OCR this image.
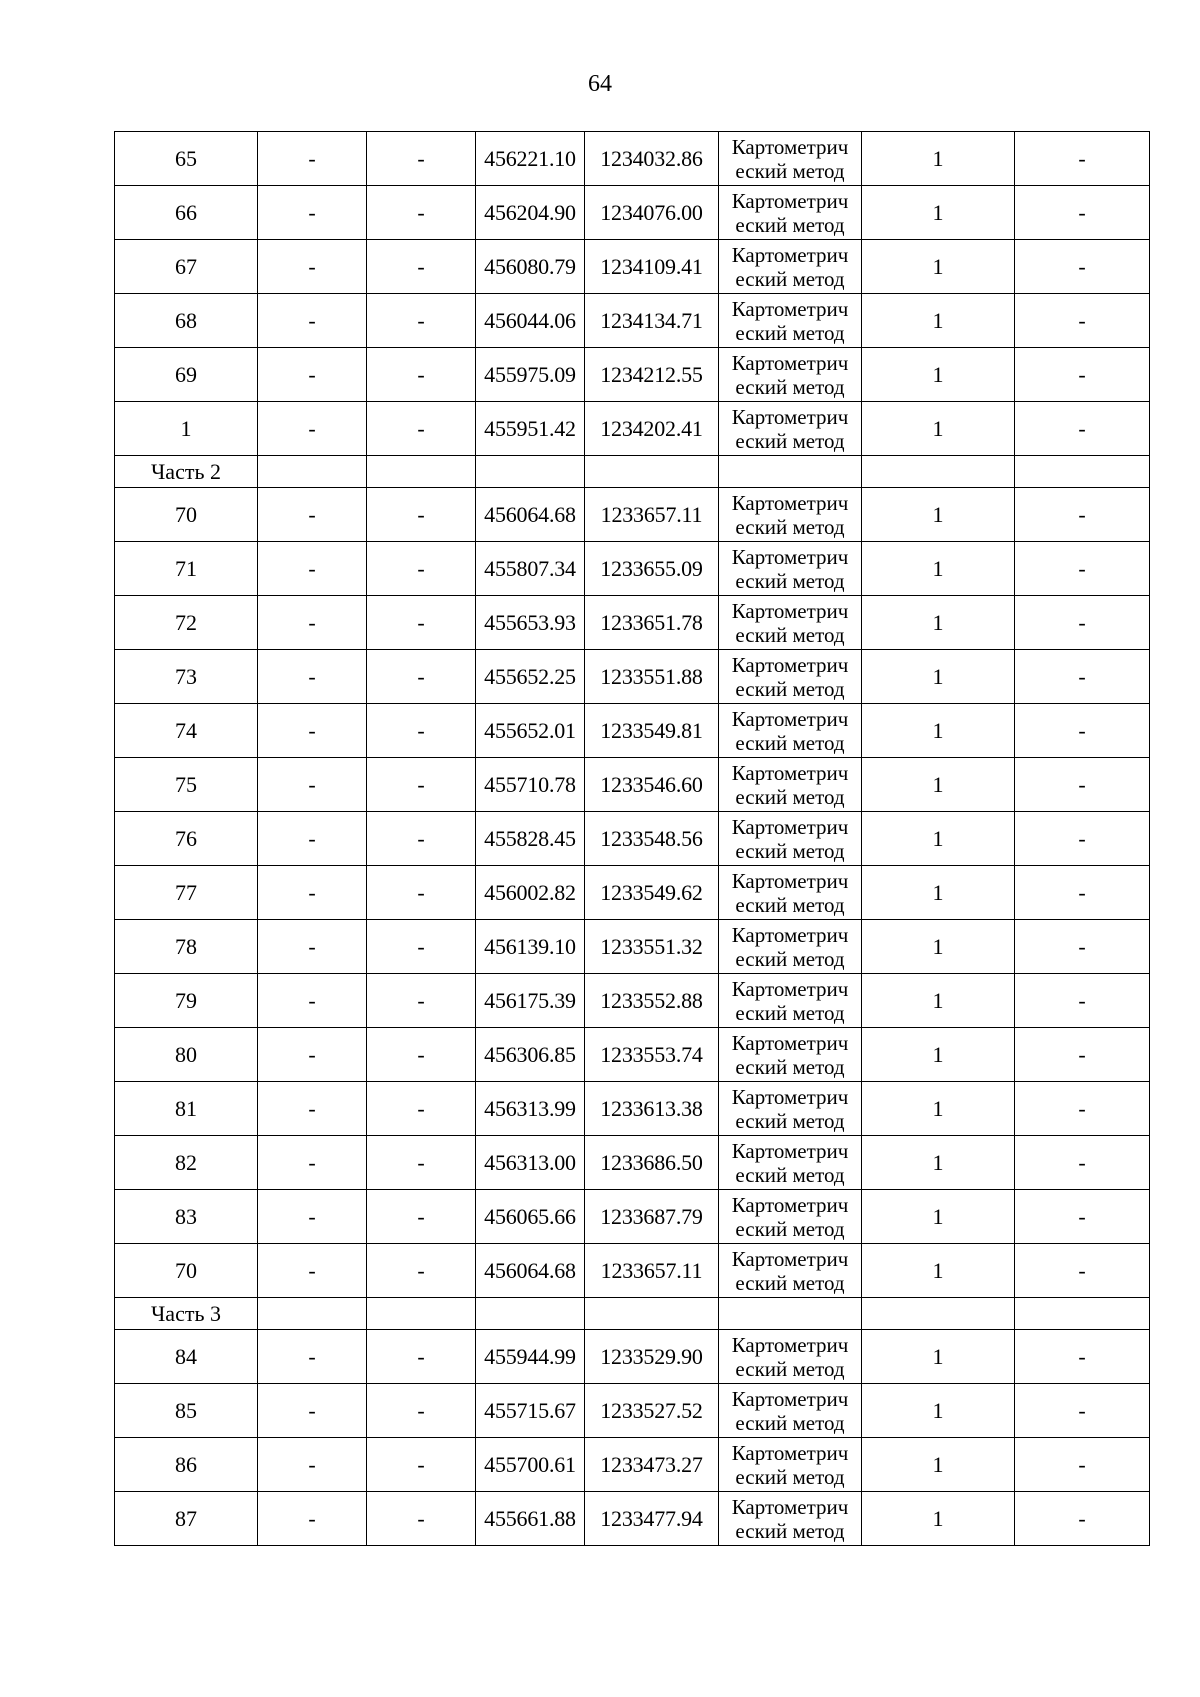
64
65	-	-	456221.10	1234032.86	Картометрич
еский метод	1	-
66	-	-	456204.90	1234076.00	Картометрич
еский метод	1	-
67	-	-	456080.79	1234109.41	Картометрич
еский метод	1	-
68	-	-	456044.06	1234134.71	Картометрич
еский метод	1	-
69	-	-	455975.09	1234212.55	Картометрич
еский метод	1	-
1	-	-	455951.42	1234202.41	Картометрич
еский метод	1	-
Часть 2							
70	-	-	456064.68	1233657.11	Картометрич
еский метод	1	-
71	-	-	455807.34	1233655.09	Картометрич
еский метод	1	-
72	-	-	455653.93	1233651.78	Картометрич
еский метод	1	-
73	-	-	455652.25	1233551.88	Картометрич
еский метод	1	-
74	-	-	455652.01	1233549.81	Картометрич
еский метод	1	-
75	-	-	455710.78	1233546.60	Картометрич
еский метод	1	-
76	-	-	455828.45	1233548.56	Картометрич
еский метод	1	-
77	-	-	456002.82	1233549.62	Картометрич
еский метод	1	-
78	-	-	456139.10	1233551.32	Картометрич
еский метод	1	-
79	-	-	456175.39	1233552.88	Картометрич
еский метод	1	-
80	-	-	456306.85	1233553.74	Картометрич
еский метод	1	-
81	-	-	456313.99	1233613.38	Картометрич
еский метод	1	-
82	-	-	456313.00	1233686.50	Картометрич
еский метод	1	-
83	-	-	456065.66	1233687.79	Картометрич
еский метод	1	-
70	-	-	456064.68	1233657.11	Картометрич
еский метод	1	-
Часть 3							
84	-	-	455944.99	1233529.90	Картометрич
еский метод	1	-
85	-	-	455715.67	1233527.52	Картометрич
еский метод	1	-
86	-	-	455700.61	1233473.27	Картометрич
еский метод	1	-
87	-	-	455661.88	1233477.94	Картометрич
еский метод	1	-
